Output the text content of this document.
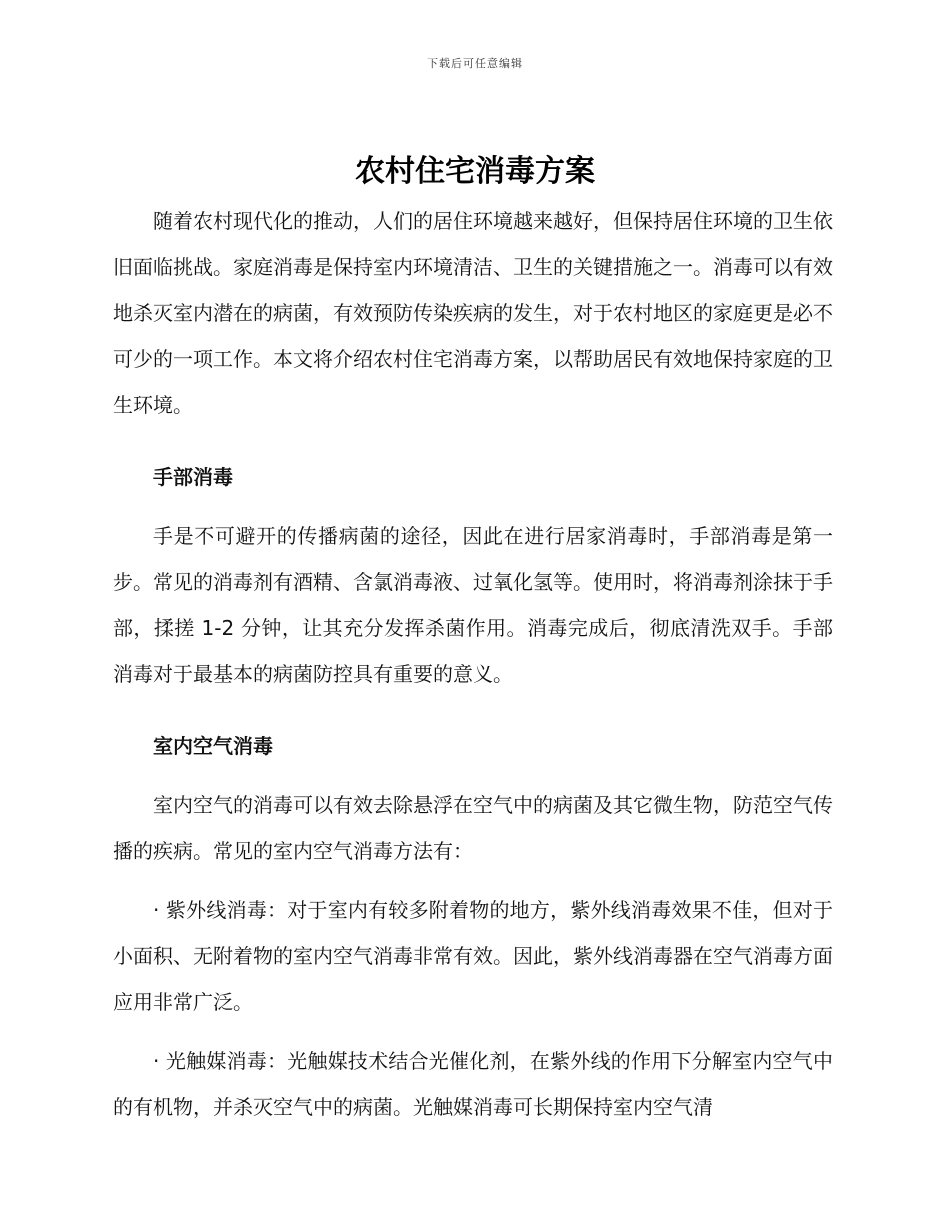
下载后可任意编辑
农村住宅消毒方案

随着农村现代化的推动，人们的居住环境越来越好，但保持居住环境的卫生依旧面临挑战。家庭消毒是保持室内环境清洁、卫生的关键措施之一。消毒可以有效地杀灭室内潜在的病菌，有效预防传染疾病的发生，对于农村地区的家庭更是必不可少的一项工作。本文将介绍农村住宅消毒方案，以帮助居民有效地保持家庭的卫生环境。

手部消毒

手是不可避开的传播病菌的途径，因此在进行居家消毒时，手部消毒是第一步。常见的消毒剂有酒精、含氯消毒液、过氧化氢等。使用时，将消毒剂涂抹于手部，揉搓 1-2 分钟，让其充分发挥杀菌作用。消毒完成后，彻底清洗双手。手部消毒对于最基本的病菌防控具有重要的意义。

室内空气消毒

室内空气的消毒可以有效去除悬浮在空气中的病菌及其它微生物，防范空气传播的疾病。常见的室内空气消毒方法有：

· 紫外线消毒：对于室内有较多附着物的地方，紫外线消毒效果不佳，但对于小面积、无附着物的室内空气消毒非常有效。因此，紫外线消毒器在空气消毒方面应用非常广泛。

· 光触媒消毒：光触媒技术结合光催化剂，在紫外线的作用下分解室内空气中的有机物，并杀灭空气中的病菌。光触媒消毒可长期保持室内空气清
